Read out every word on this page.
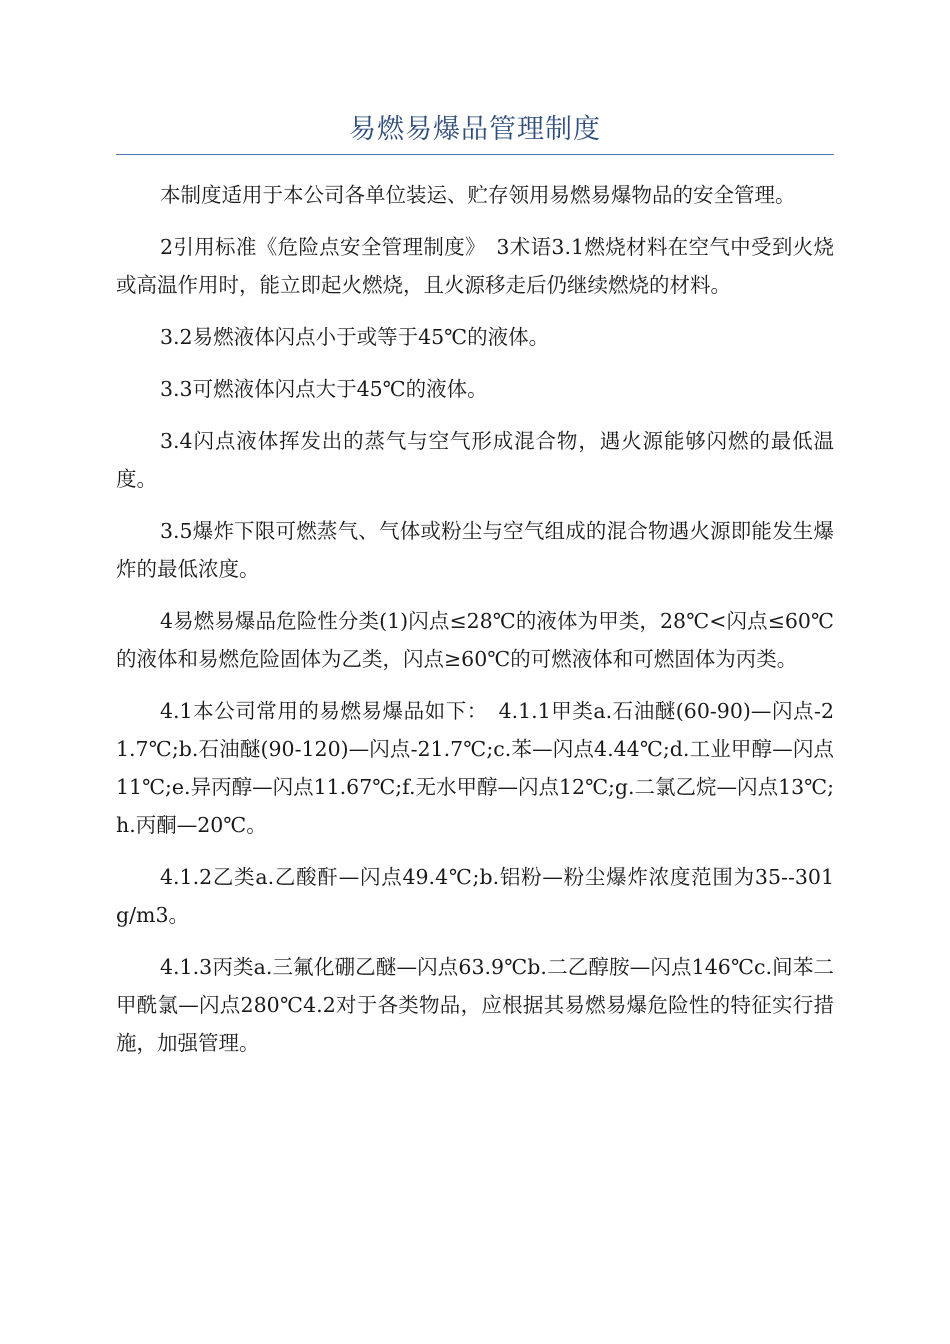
易燃易爆品管理制度

本制度适用于本公司各单位装运、贮存领用易燃易爆物品的安全管理。

2引用标准《危险点安全管理制度》　3术语3.1燃烧材料在空气中受到火烧或高温作用时，能立即起火燃烧，且火源移走后仍继续燃烧的材料。

3.2易燃液体闪点小于或等于45℃的液体。

3.3可燃液体闪点大于45℃的液体。

3.4闪点液体挥发出的蒸气与空气形成混合物，遇火源能够闪燃的最低温度。

3.5爆炸下限可燃蒸气、气体或粉尘与空气组成的混合物遇火源即能发生爆炸的最低浓度。

4易燃易爆品危险性分类(1)闪点≤28℃的液体为甲类，28℃<闪点≤60℃的液体和易燃危险固体为乙类，闪点≥60℃的可燃液体和可燃固体为丙类。

4.1本公司常用的易燃易爆品如下：　4.1.1甲类a.石油醚(60-90)—闪点-21.7℃;b.石油醚(90-120)—闪点-21.7℃;c.苯—闪点4.44℃;d.工业甲醇—闪点11℃;e.异丙醇—闪点11.67℃;f.无水甲醇—闪点12℃;g.二氯乙烷—闪点13℃;h.丙酮—20℃。

4.1.2乙类a.乙酸酐—闪点49.4℃;b.铝粉—粉尘爆炸浓度范围为35--301g/m3。

4.1.3丙类a.三氟化硼乙醚—闪点63.9℃b.二乙醇胺—闪点146℃c.间苯二甲酰氯—闪点280℃4.2对于各类物品，应根据其易燃易爆危险性的特征实行措施，加强管理。
